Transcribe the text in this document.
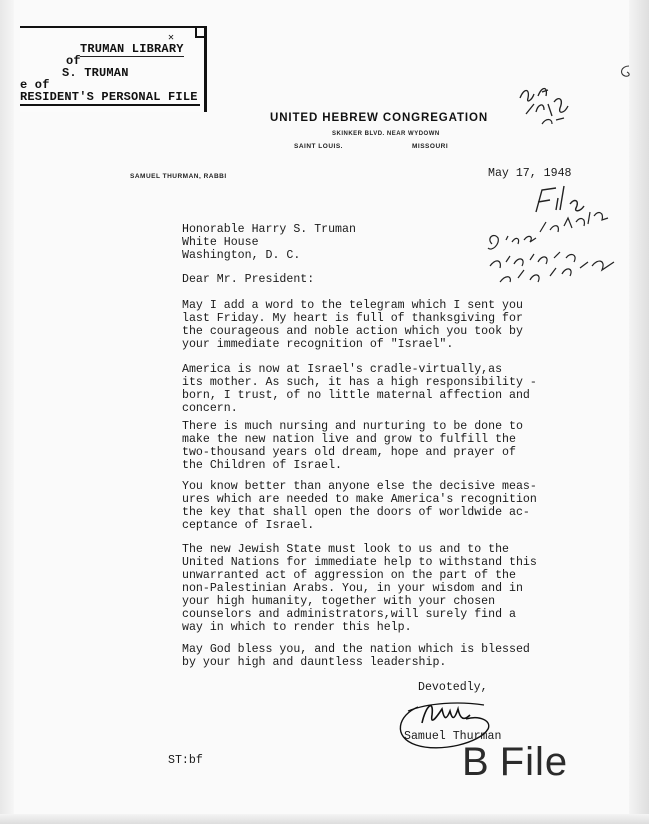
✕
TRUMAN LIBRARY
of
S. TRUMAN
e of
RESIDENT'S PERSONAL FILE
UNITED HEBREW CONGREGATION
SKINKER BLVD. NEAR WYDOWN
SAINT LOUIS.	MISSOURI
SAMUEL THURMAN, RABBI	May 17, 1948
Honorable Harry S. Truman
White House
Washington, D. C.
Dear Mr. President:
May I add a word to the telegram which I sent you
last Friday. My heart is full of thanksgiving for
the courageous and noble action which you took by
your immediate recognition of "Israel".
America is now at Israel's cradle-virtually,as
its mother. As such, it has a high responsibility -
born, I trust, of no little maternal affection and
concern.
There is much nursing and nurturing to be done to
make the new nation live and grow to fulfill the
two-thousand years old dream, hope and prayer of
the Children of Israel.
You know better than anyone else the decisive meas-
ures which are needed to make America's recognition
the key that shall open the doors of worldwide ac-
ceptance of Israel.
The new Jewish State must look to us and to the
United Nations for immediate help to withstand this
unwarranted act of aggression on the part of the
non-Palestinian Arabs. You, in your wisdom and in
your high humanity, together with your chosen
counselors and administrators,will surely find a
way in which to render this help.
May God bless you, and the nation which is blessed
by your high and dauntless leadership.
Devotedly,
Samuel Thurman
ST:bf	B File
